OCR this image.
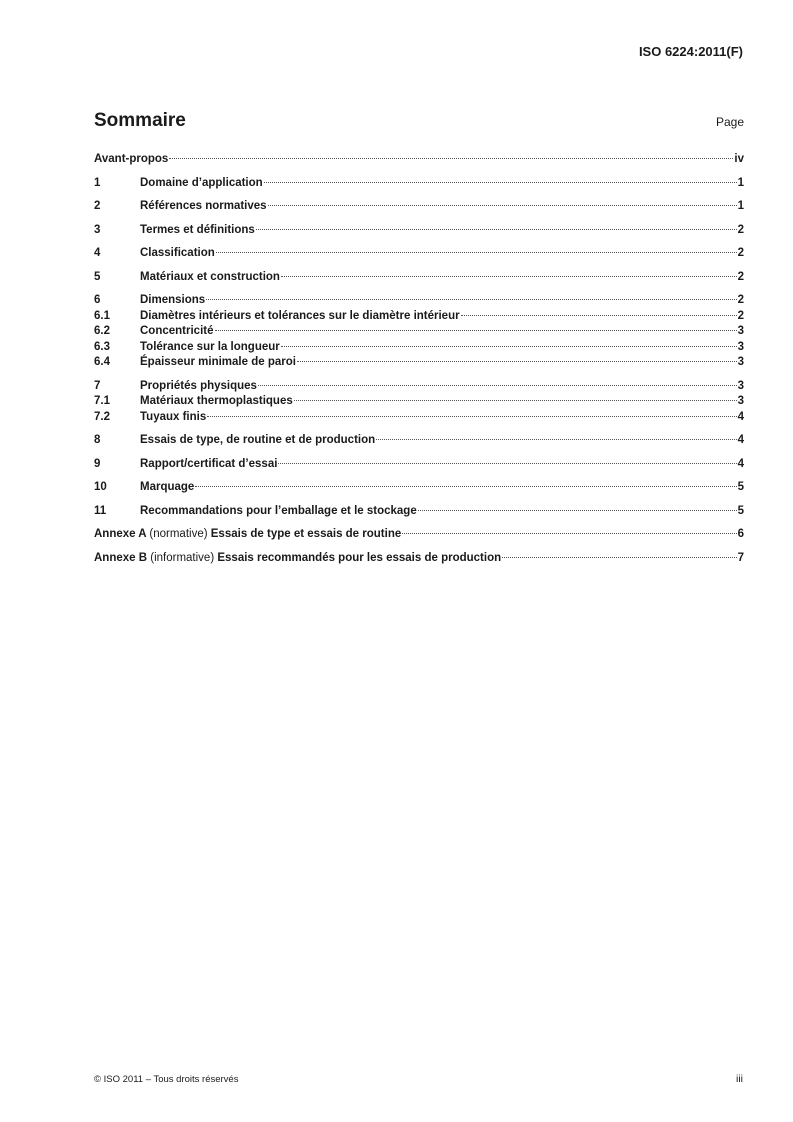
ISO 6224:2011(F)
Sommaire	Page
Avant-propos	iv
1	Domaine d’application	1
2	Références normatives	1
3	Termes et définitions	2
4	Classification	2
5	Matériaux et construction	2
6	Dimensions	2
6.1	Diamètres intérieurs et tolérances sur le diamètre intérieur	2
6.2	Concentricité	3
6.3	Tolérance sur la longueur	3
6.4	Épaisseur minimale de paroi	3
7	Propriétés physiques	3
7.1	Matériaux thermoplastiques	3
7.2	Tuyaux finis	4
8	Essais de type, de routine et de production	4
9	Rapport/certificat d’essai	4
10	Marquage	5
11	Recommandations pour l’emballage et le stockage	5
Annexe A (normative) Essais de type et essais de routine	6
Annexe B (informative) Essais recommandés pour les essais de production	7
© ISO 2011 – Tous droits réservés	iii
